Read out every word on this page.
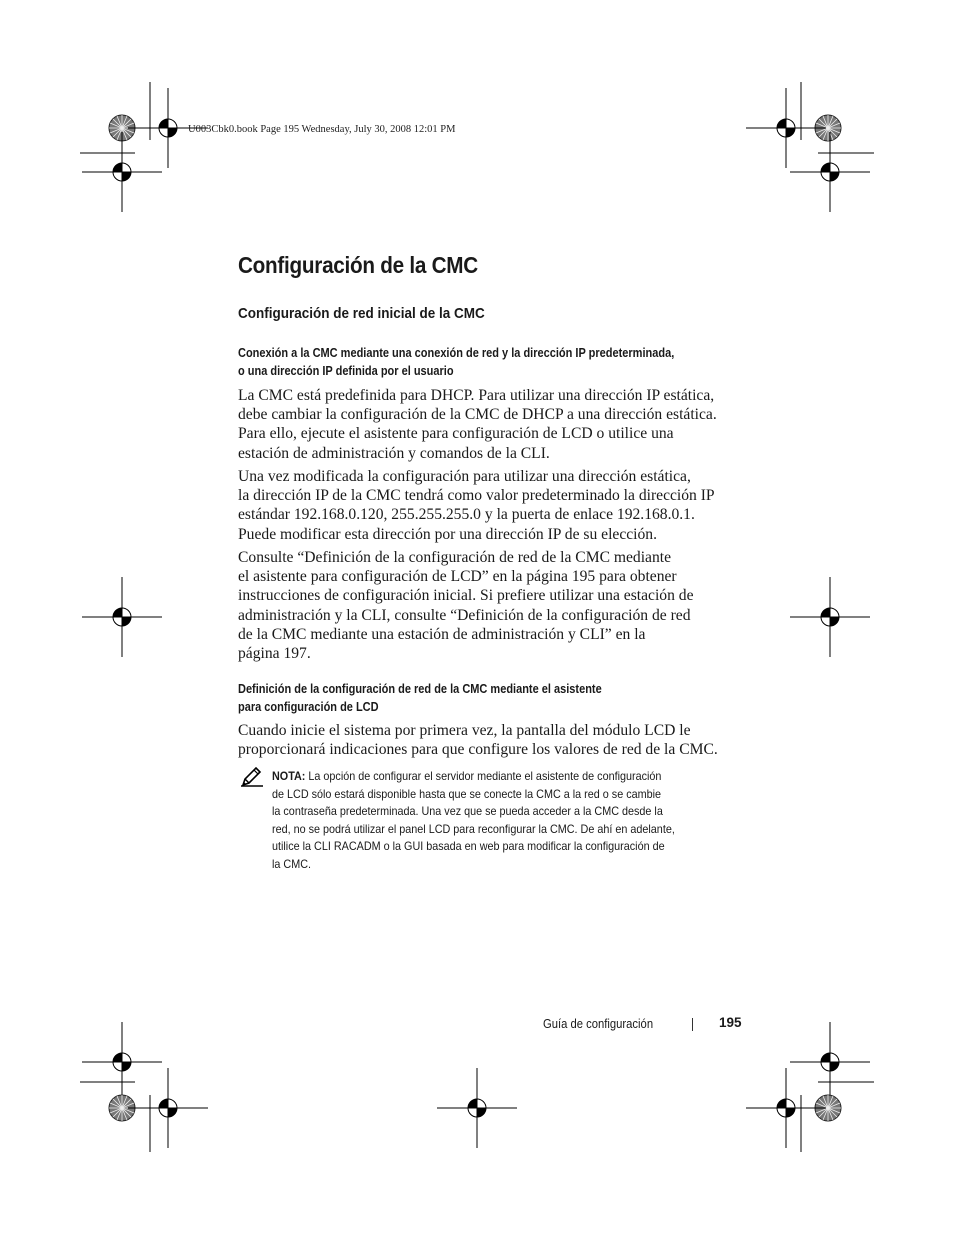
U003Cbk0.book Page 195 Wednesday, July 30, 2008 12:01 PM
Configuración de la CMC
Configuración de red inicial de la CMC
Conexión a la CMC mediante una conexión de red y la dirección IP predeterminada,
o una dirección IP definida por el usuario

La CMC está predefinida para DHCP. Para utilizar una dirección IP estática,
debe cambiar la configuración de la CMC de DHCP a una dirección estática.
Para ello, ejecute el asistente para configuración de LCD o utilice una
estación de administración y comandos de la CLI.

Una vez modificada la configuración para utilizar una dirección estática,
la dirección IP de la CMC tendrá como valor predeterminado la dirección IP
estándar 192.168.0.120, 255.255.255.0 y la puerta de enlace 192.168.0.1.
Puede modificar esta dirección por una dirección IP de su elección.

Consulte “Definición de la configuración de red de la CMC mediante
el asistente para configuración de LCD” en la página 195 para obtener
instrucciones de configuración inicial. Si prefiere utilizar una estación de
administración y la CLI, consulte “Definición de la configuración de red
de la CMC mediante una estación de administración y CLI” en la
página 197.

Definición de la configuración de red de la CMC mediante el asistente
para configuración de LCD

Cuando inicie el sistema por primera vez, la pantalla del módulo LCD le
proporcionará indicaciones para que configure los valores de red de la CMC.

NOTA: La opción de configurar el servidor mediante el asistente de configuración
de LCD sólo estará disponible hasta que se conecte la CMC a la red o se cambie
la contraseña predeterminada. Una vez que se pueda acceder a la CMC desde la
red, no se podrá utilizar el panel LCD para reconfigurar la CMC. De ahí en adelante,
utilice la CLI RACADM o la GUI basada en web para modificar la configuración de
la CMC.

Guía de configuración	195
